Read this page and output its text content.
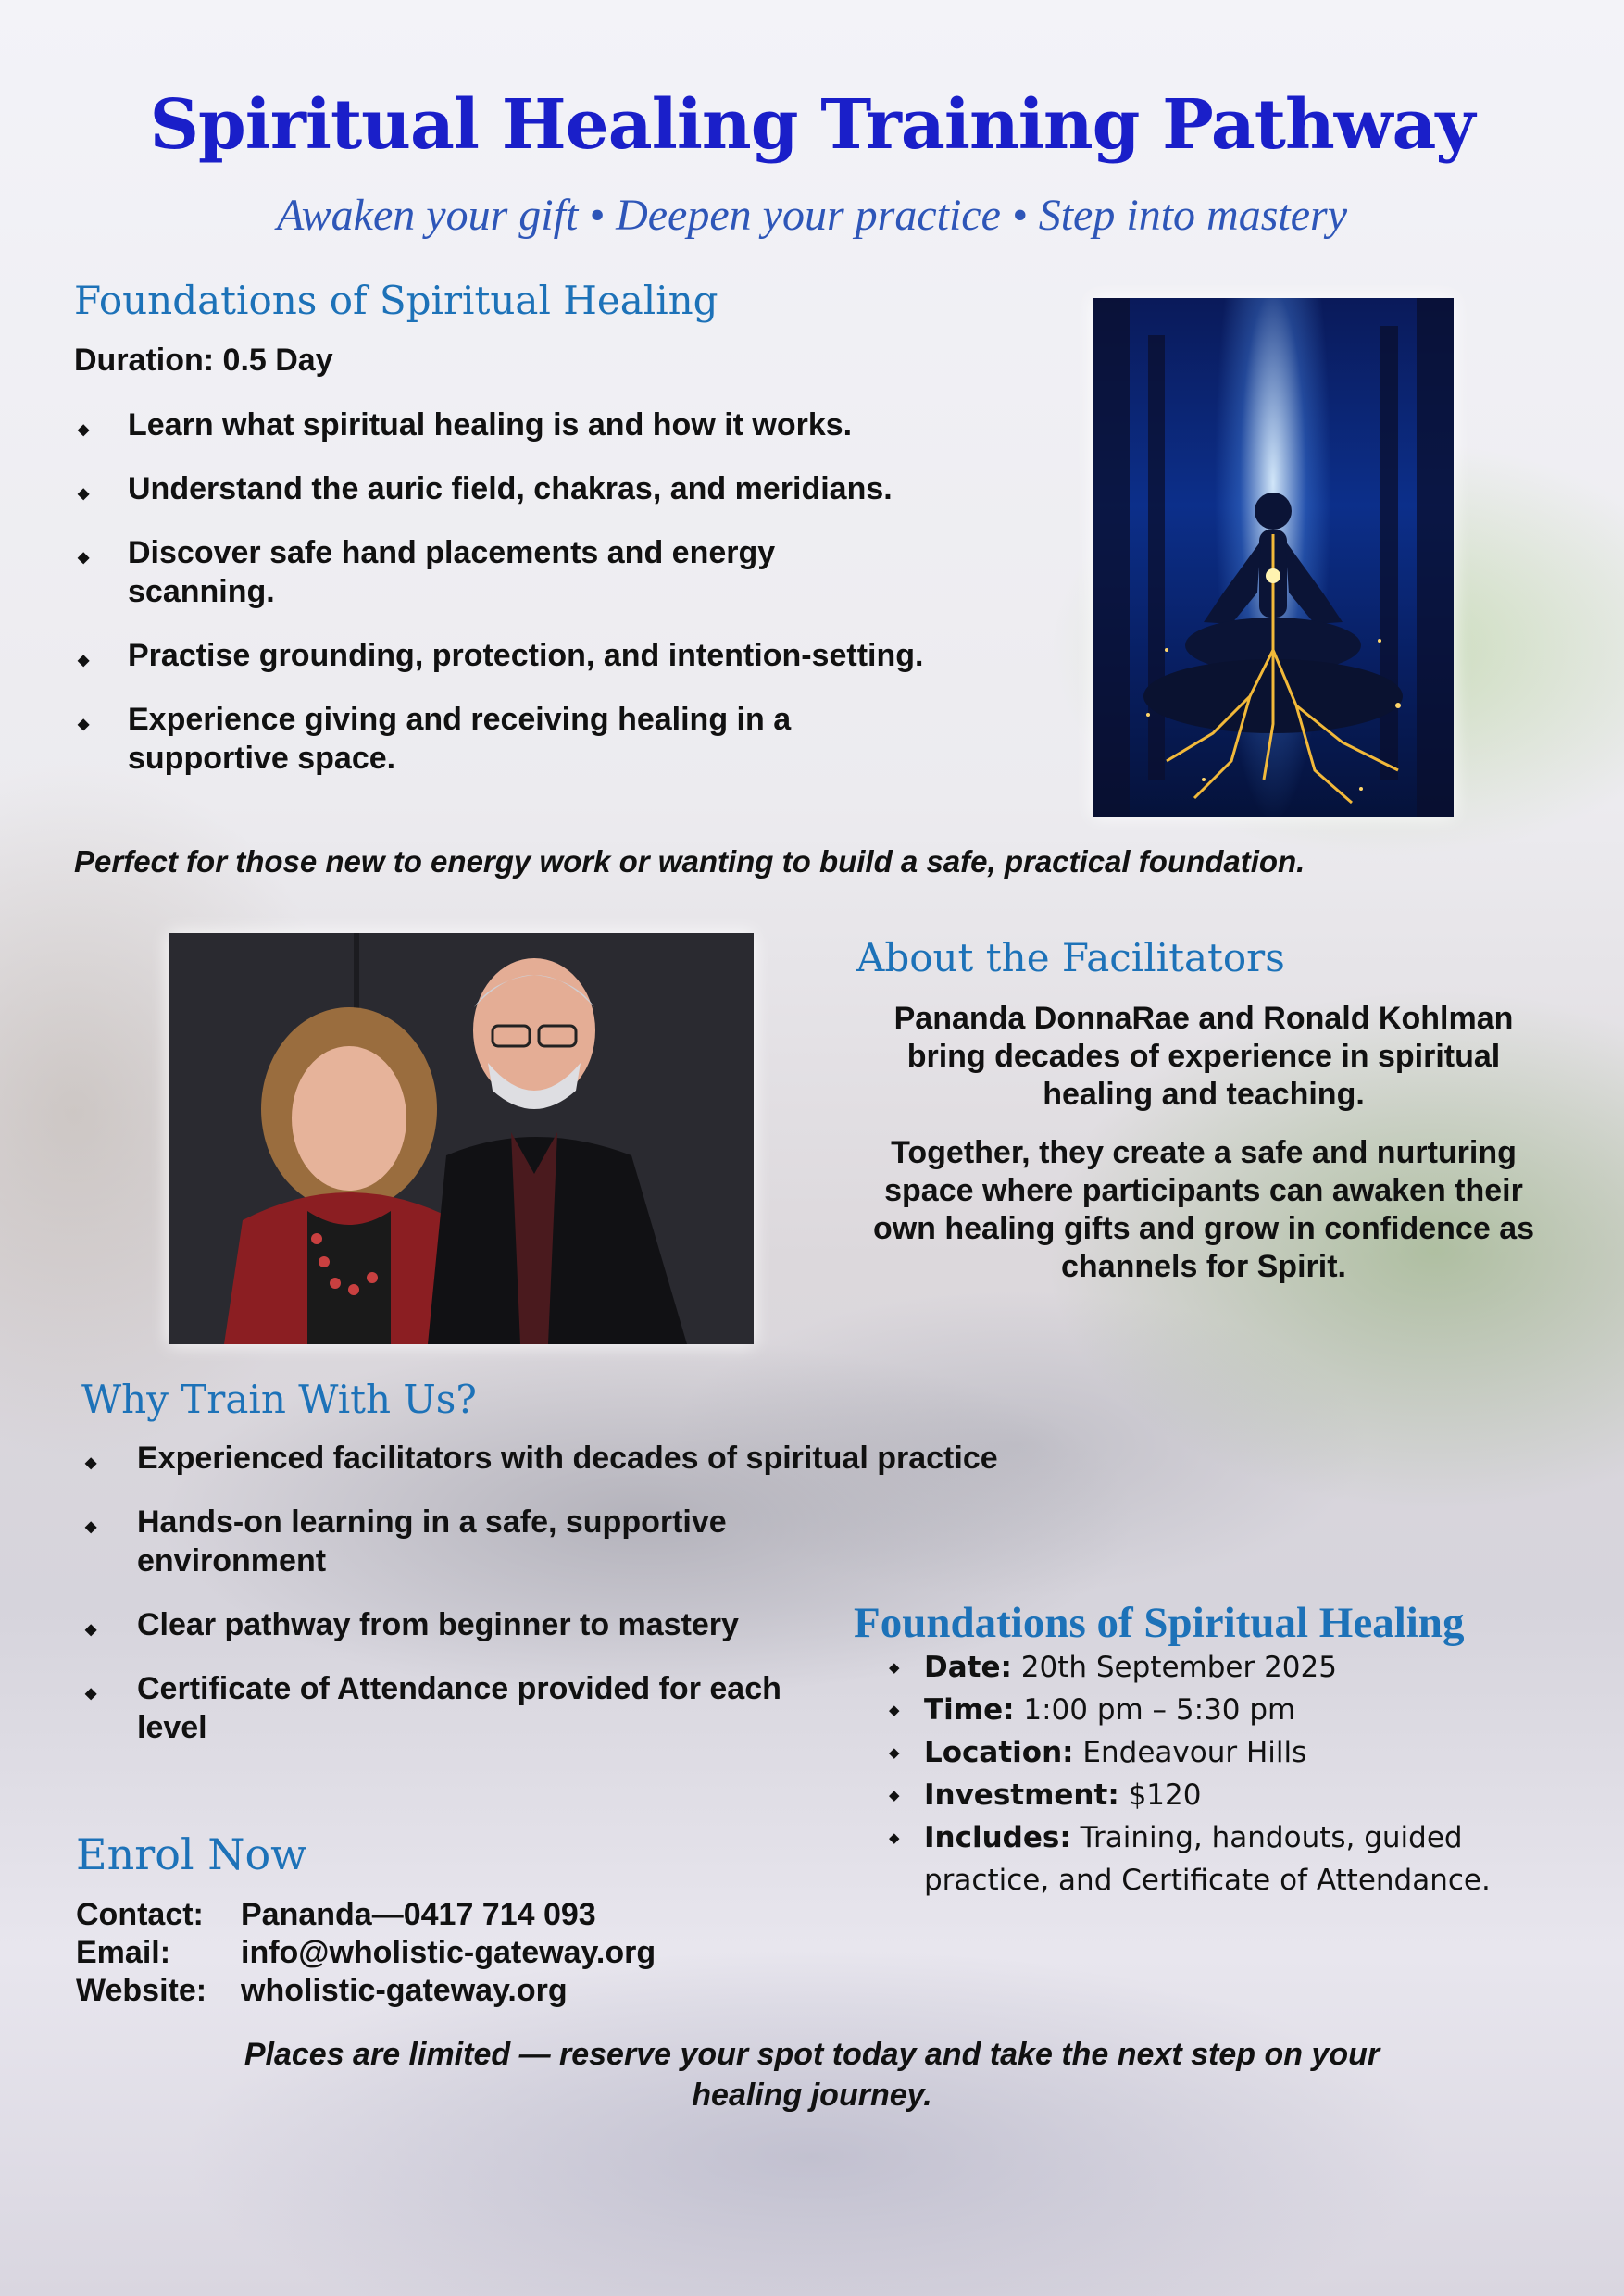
Spiritual Healing Training Pathway
Awaken your gift • Deepen your practice • Step into mastery
Foundations of Spiritual Healing
Duration: 0.5 Day
◆ Learn what spiritual healing is and how it works.
◆ Understand the auric field, chakras, and meridians.
◆ Discover safe hand placements and energy scanning.
◆ Practise grounding, protection, and intention-setting.
◆ Experience giving and receiving healing in a supportive space.
Perfect for those new to energy work or wanting to build a safe, practical foundation.
About the Facilitators

Pananda DonnaRae and Ronald Kohlman bring decades of experience in spiritual healing and teaching.

Together, they create a safe and nurturing space where participants can awaken their own healing gifts and grow in confidence as channels for Spirit.

Why Train With Us?
◆ Experienced facilitators with decades of spiritual practice
◆ Hands-on learning in a safe, supportive environment
◆ Clear pathway from beginner to mastery
◆ Certificate of Attendance provided for each level
Foundations of Spiritual Healing
◆ Date: 20th September 2025
◆ Time: 1:00 pm – 5:30 pm
◆ Location: Endeavour Hills
◆ Investment: $120
◆ Includes: Training, handouts, guided practice, and Certificate of Attendance.
Enrol Now
Contact:	Pananda—0417 714 093
Email:	info@wholistic-gateway.org
Website:	wholistic-gateway.org
Places are limited — reserve your spot today and take the next step on your healing journey.
